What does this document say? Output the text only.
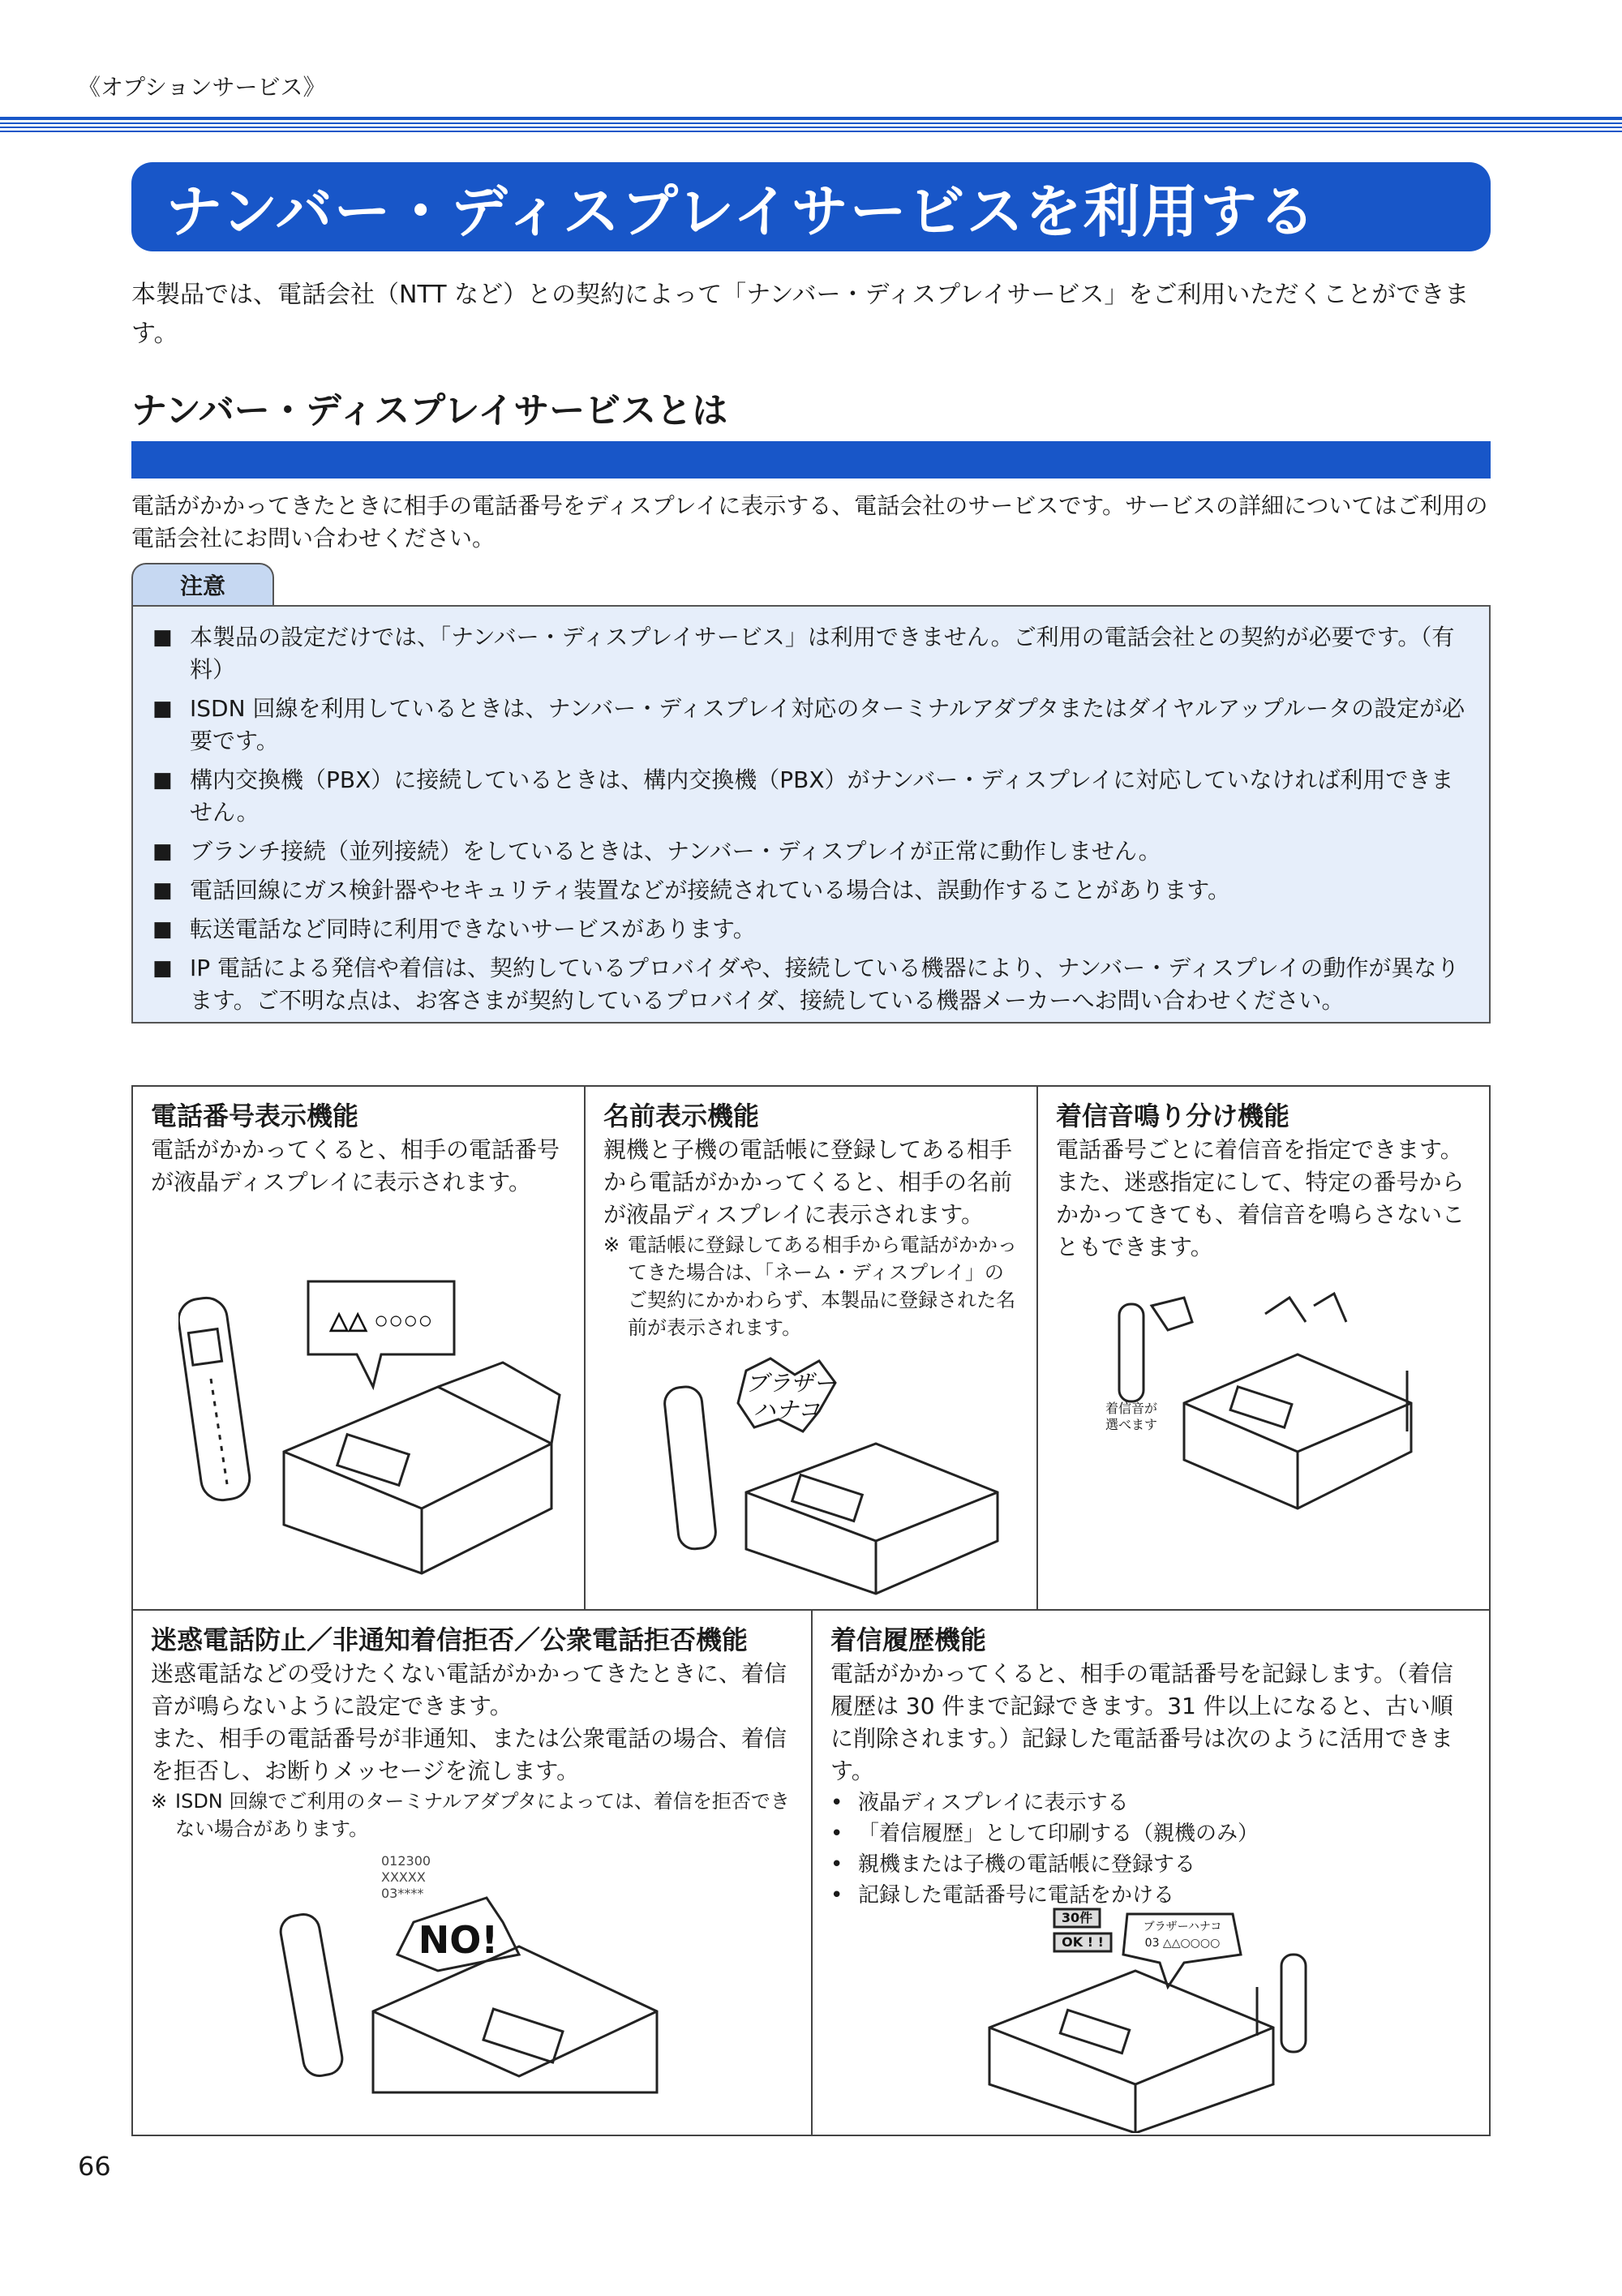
《オプションサービス》
ナンバー・ディスプレイサービスを利用する
本製品では、電話会社（NTT など）との契約によって「ナンバー・ディスプレイサービス」をご利用いただくことができます。
ナンバー・ディスプレイサービスとは
電話がかかってきたときに相手の電話番号をディスプレイに表示する、電話会社のサービスです。サービスの詳細についてはご利用の電話会社にお問い合わせください。
注意
■ 本製品の設定だけでは、「ナンバー・ディスプレイサービス」は利用できません。ご利用の電話会社との契約が必要です。（有料）
■ ISDN 回線を利用しているときは、ナンバー・ディスプレイ対応のターミナルアダプタまたはダイヤルアップルータの設定が必要です。
■ 構内交換機（PBX）に接続しているときは、構内交換機（PBX）がナンバー・ディスプレイに対応していなければ利用できません。
■ ブランチ接続（並列接続）をしているときは、ナンバー・ディスプレイが正常に動作しません。
■ 電話回線にガス検針器やセキュリティ装置などが接続されている場合は、誤動作することがあります。
■ 転送電話など同時に利用できないサービスがあります。
■ IP 電話による発信や着信は、契約しているプロバイダや、接続している機器により、ナンバー・ディスプレイの動作が異なります。ご不明な点は、お客さまが契約しているプロバイダ、接続している機器メーカーへお問い合わせください。
電話番号表示機能
電話がかかってくると、相手の電話番号が液晶ディスプレイに表示されます。
△△ ○○○○
名前表示機能
親機と子機の電話帳に登録してある相手から電話がかかってくると、相手の名前が液晶ディスプレイに表示されます。
※ 電話帳に登録してある相手から電話がかかってきた場合は、「ネーム・ディスプレイ」のご契約にかかわらず、本製品に登録された名前が表示されます。
ブラザー
ハナコ
着信音鳴り分け機能
電話番号ごとに着信音を指定できます。
また、迷惑指定にして、特定の番号からかかってきても、着信音を鳴らさないこともできます。
着信音が
選べます
迷惑電話防止／非通知着信拒否／公衆電話拒否機能
迷惑電話などの受けたくない電話がかかってきたときに、着信音が鳴らないように設定できます。
また、相手の電話番号が非通知、または公衆電話の場合、着信を拒否し、お断りメッセージを流します。
※ ISDN 回線でご利用のターミナルアダプタによっては、着信を拒否できない場合があります。
012300
XXXXX
03****
NO!
着信履歴機能
電話がかかってくると、相手の電話番号を記録します。（着信履歴は 30 件まで記録できます。31 件以上になると、古い順に削除されます。）記録した電話番号は次のように活用できます。
• 液晶ディスプレイに表示する
• 「着信履歴」として印刷する（親機のみ）
• 親機または子機の電話帳に登録する
• 記録した電話番号に電話をかける
30件
OK ! !
ブラザーハナコ
03 △△○○○○
66
